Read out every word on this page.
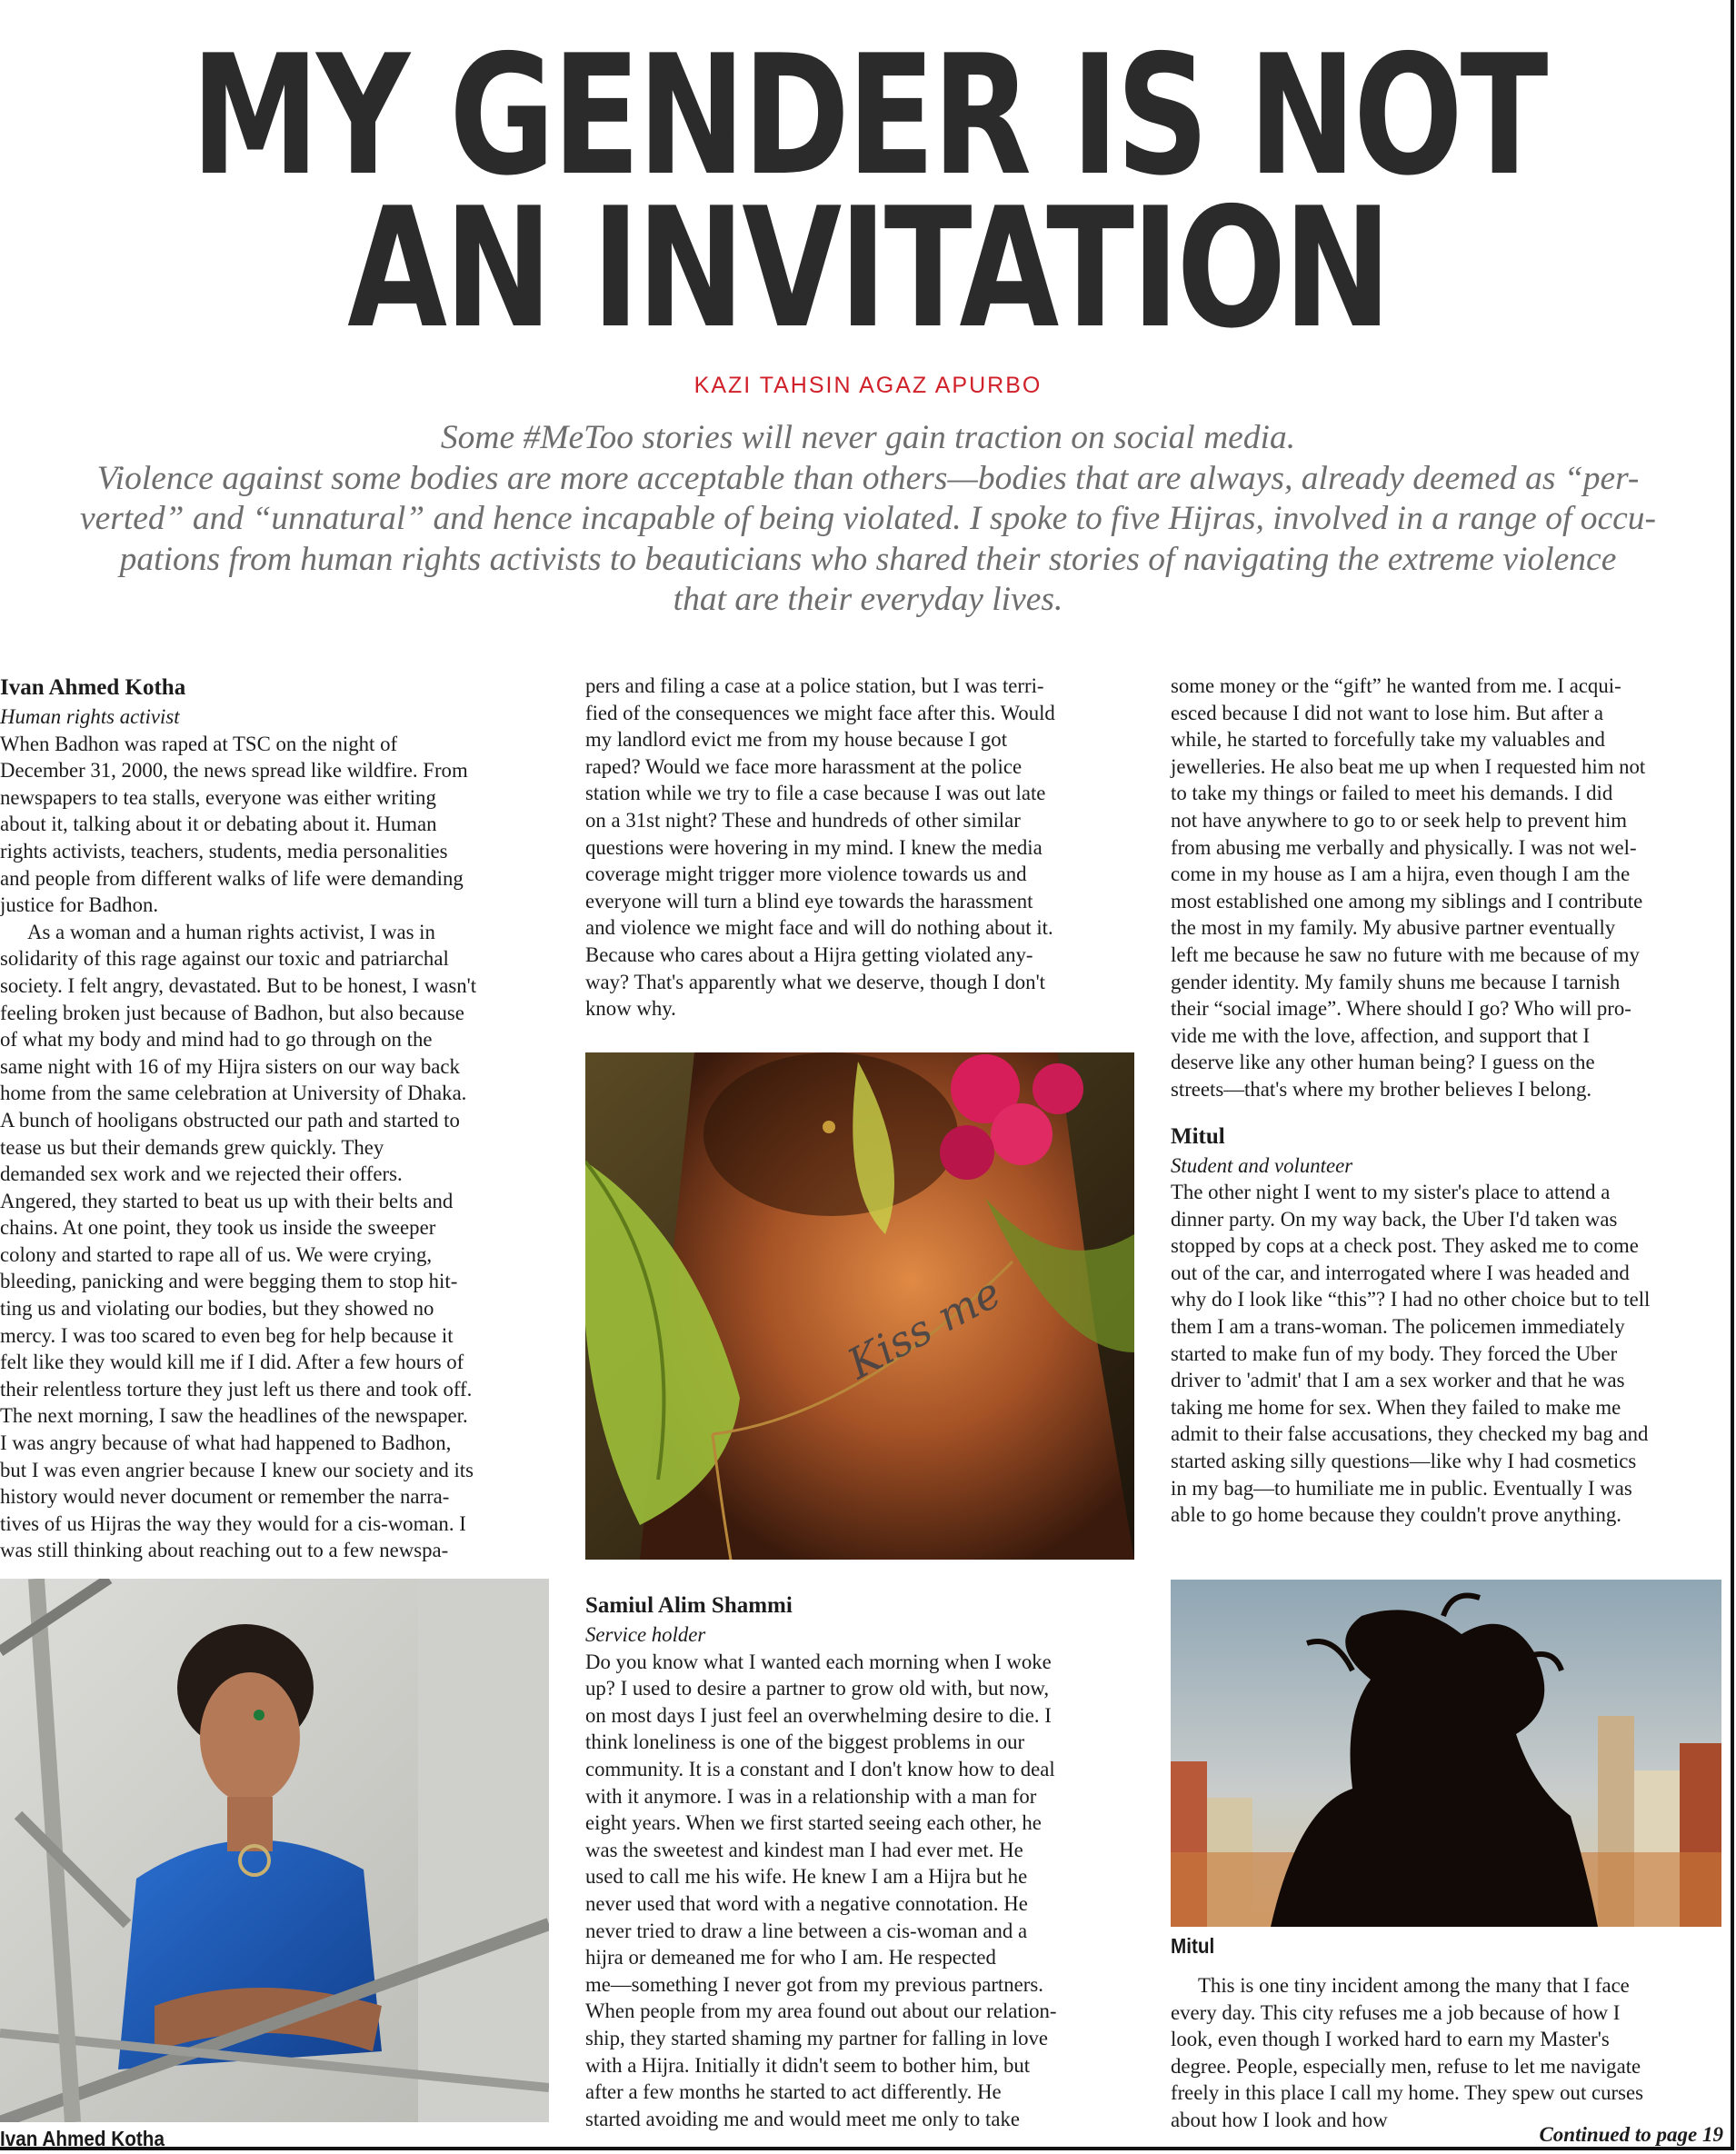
MY GENDER IS NOT
AN INVITATION
KAZI TAHSIN AGAZ APURBO
Some #MeToo stories will never gain traction on social media.
Violence against some bodies are more acceptable than others—bodies that are always, already deemed as “per-
verted” and “unnatural” and hence incapable of being violated. I spoke to five Hijras, involved in a range of occu-
pations from human rights activists to beauticians who shared their stories of navigating the extreme violence
that are their everyday lives.

Ivan Ahmed Kotha

Human rights activist

When Badhon was raped at TSC on the night of

December 31, 2000, the news spread like wildfire. From

newspapers to tea stalls, everyone was either writing

about it, talking about it or debating about it. Human

rights activists, teachers, students, media personalities

and people from different walks of life were demanding

justice for Badhon.

As a woman and a human rights activist, I was in

solidarity of this rage against our toxic and patriarchal

society. I felt angry, devastated. But to be honest, I wasn't

feeling broken just because of Badhon, but also because

of what my body and mind had to go through on the

same night with 16 of my Hijra sisters on our way back

home from the same celebration at University of Dhaka.

A bunch of hooligans obstructed our path and started to

tease us but their demands grew quickly. They

demanded sex work and we rejected their offers.

Angered, they started to beat us up with their belts and

chains. At one point, they took us inside the sweeper

colony and started to rape all of us. We were crying,

bleeding, panicking and were begging them to stop hit-

ting us and violating our bodies, but they showed no

mercy. I was too scared to even beg for help because it

felt like they would kill me if I did. After a few hours of

their relentless torture they just left us there and took off.

The next morning, I saw the headlines of the newspaper.

I was angry because of what had happened to Badhon,

but I was even angrier because I knew our society and its

history would never document or remember the narra-

tives of us Hijras the way they would for a cis-woman. I

was still thinking about reaching out to a few newspa-

pers and filing a case at a police station, but I was terri-

fied of the consequences we might face after this. Would

my landlord evict me from my house because I got

raped? Would we face more harassment at the police

station while we try to file a case because I was out late

on a 31st night? These and hundreds of other similar

questions were hovering in my mind. I knew the media

coverage might trigger more violence towards us and

everyone will turn a blind eye towards the harassment

and violence we might face and will do nothing about it.

Because who cares about a Hijra getting violated any-

way? That's apparently what we deserve, though I don't

know why.

Kiss me

Samiul Alim Shammi

Service holder

Do you know what I wanted each morning when I woke

up? I used to desire a partner to grow old with, but now,

on most days I just feel an overwhelming desire to die. I

think loneliness is one of the biggest problems in our

community. It is a constant and I don't know how to deal

with it anymore. I was in a relationship with a man for

eight years. When we first started seeing each other, he

was the sweetest and kindest man I had ever met. He

used to call me his wife. He knew I am a Hijra but he

never used that word with a negative connotation. He

never tried to draw a line between a cis-woman and a

hijra or demeaned me for who I am. He respected

me—something I never got from my previous partners.

When people from my area found out about our relation-

ship, they started shaming my partner for falling in love

with a Hijra. Initially it didn't seem to bother him, but

after a few months he started to act differently. He

started avoiding me and would meet me only to take

some money or the “gift” he wanted from me. I acqui-

esced because I did not want to lose him. But after a

while, he started to forcefully take my valuables and

jewelleries. He also beat me up when I requested him not

to take my things or failed to meet his demands. I did

not have anywhere to go to or seek help to prevent him

from abusing me verbally and physically. I was not wel-

come in my house as I am a hijra, even though I am the

most established one among my siblings and I contribute

the most in my family. My abusive partner eventually

left me because he saw no future with me because of my

gender identity. My family shuns me because I tarnish

their “social image”. Where should I go? Who will pro-

vide me with the love, affection, and support that I

deserve like any other human being? I guess on the

streets—that's where my brother believes I belong.

Mitul

Student and volunteer

The other night I went to my sister's place to attend a

dinner party. On my way back, the Uber I'd taken was

stopped by cops at a check post. They asked me to come

out of the car, and interrogated where I was headed and

why do I look like “this”? I had no other choice but to tell

them I am a trans-woman. The policemen immediately

started to make fun of my body. They forced the Uber

driver to 'admit' that I am a sex worker and that he was

taking me home for sex. When they failed to make me

admit to their false accusations, they checked my bag and

started asking silly questions—like why I had cosmetics

in my bag—to humiliate me in public. Eventually I was

able to go home because they couldn't prove anything.

Mitul

This is one tiny incident among the many that I face

every day. This city refuses me a job because of how I

look, even though I worked hard to earn my Master's

degree. People, especially men, refuse to let me navigate

freely in this place I call my home. They spew out curses

about how I look and how

Ivan Ahmed Kotha	Continued to page 19
